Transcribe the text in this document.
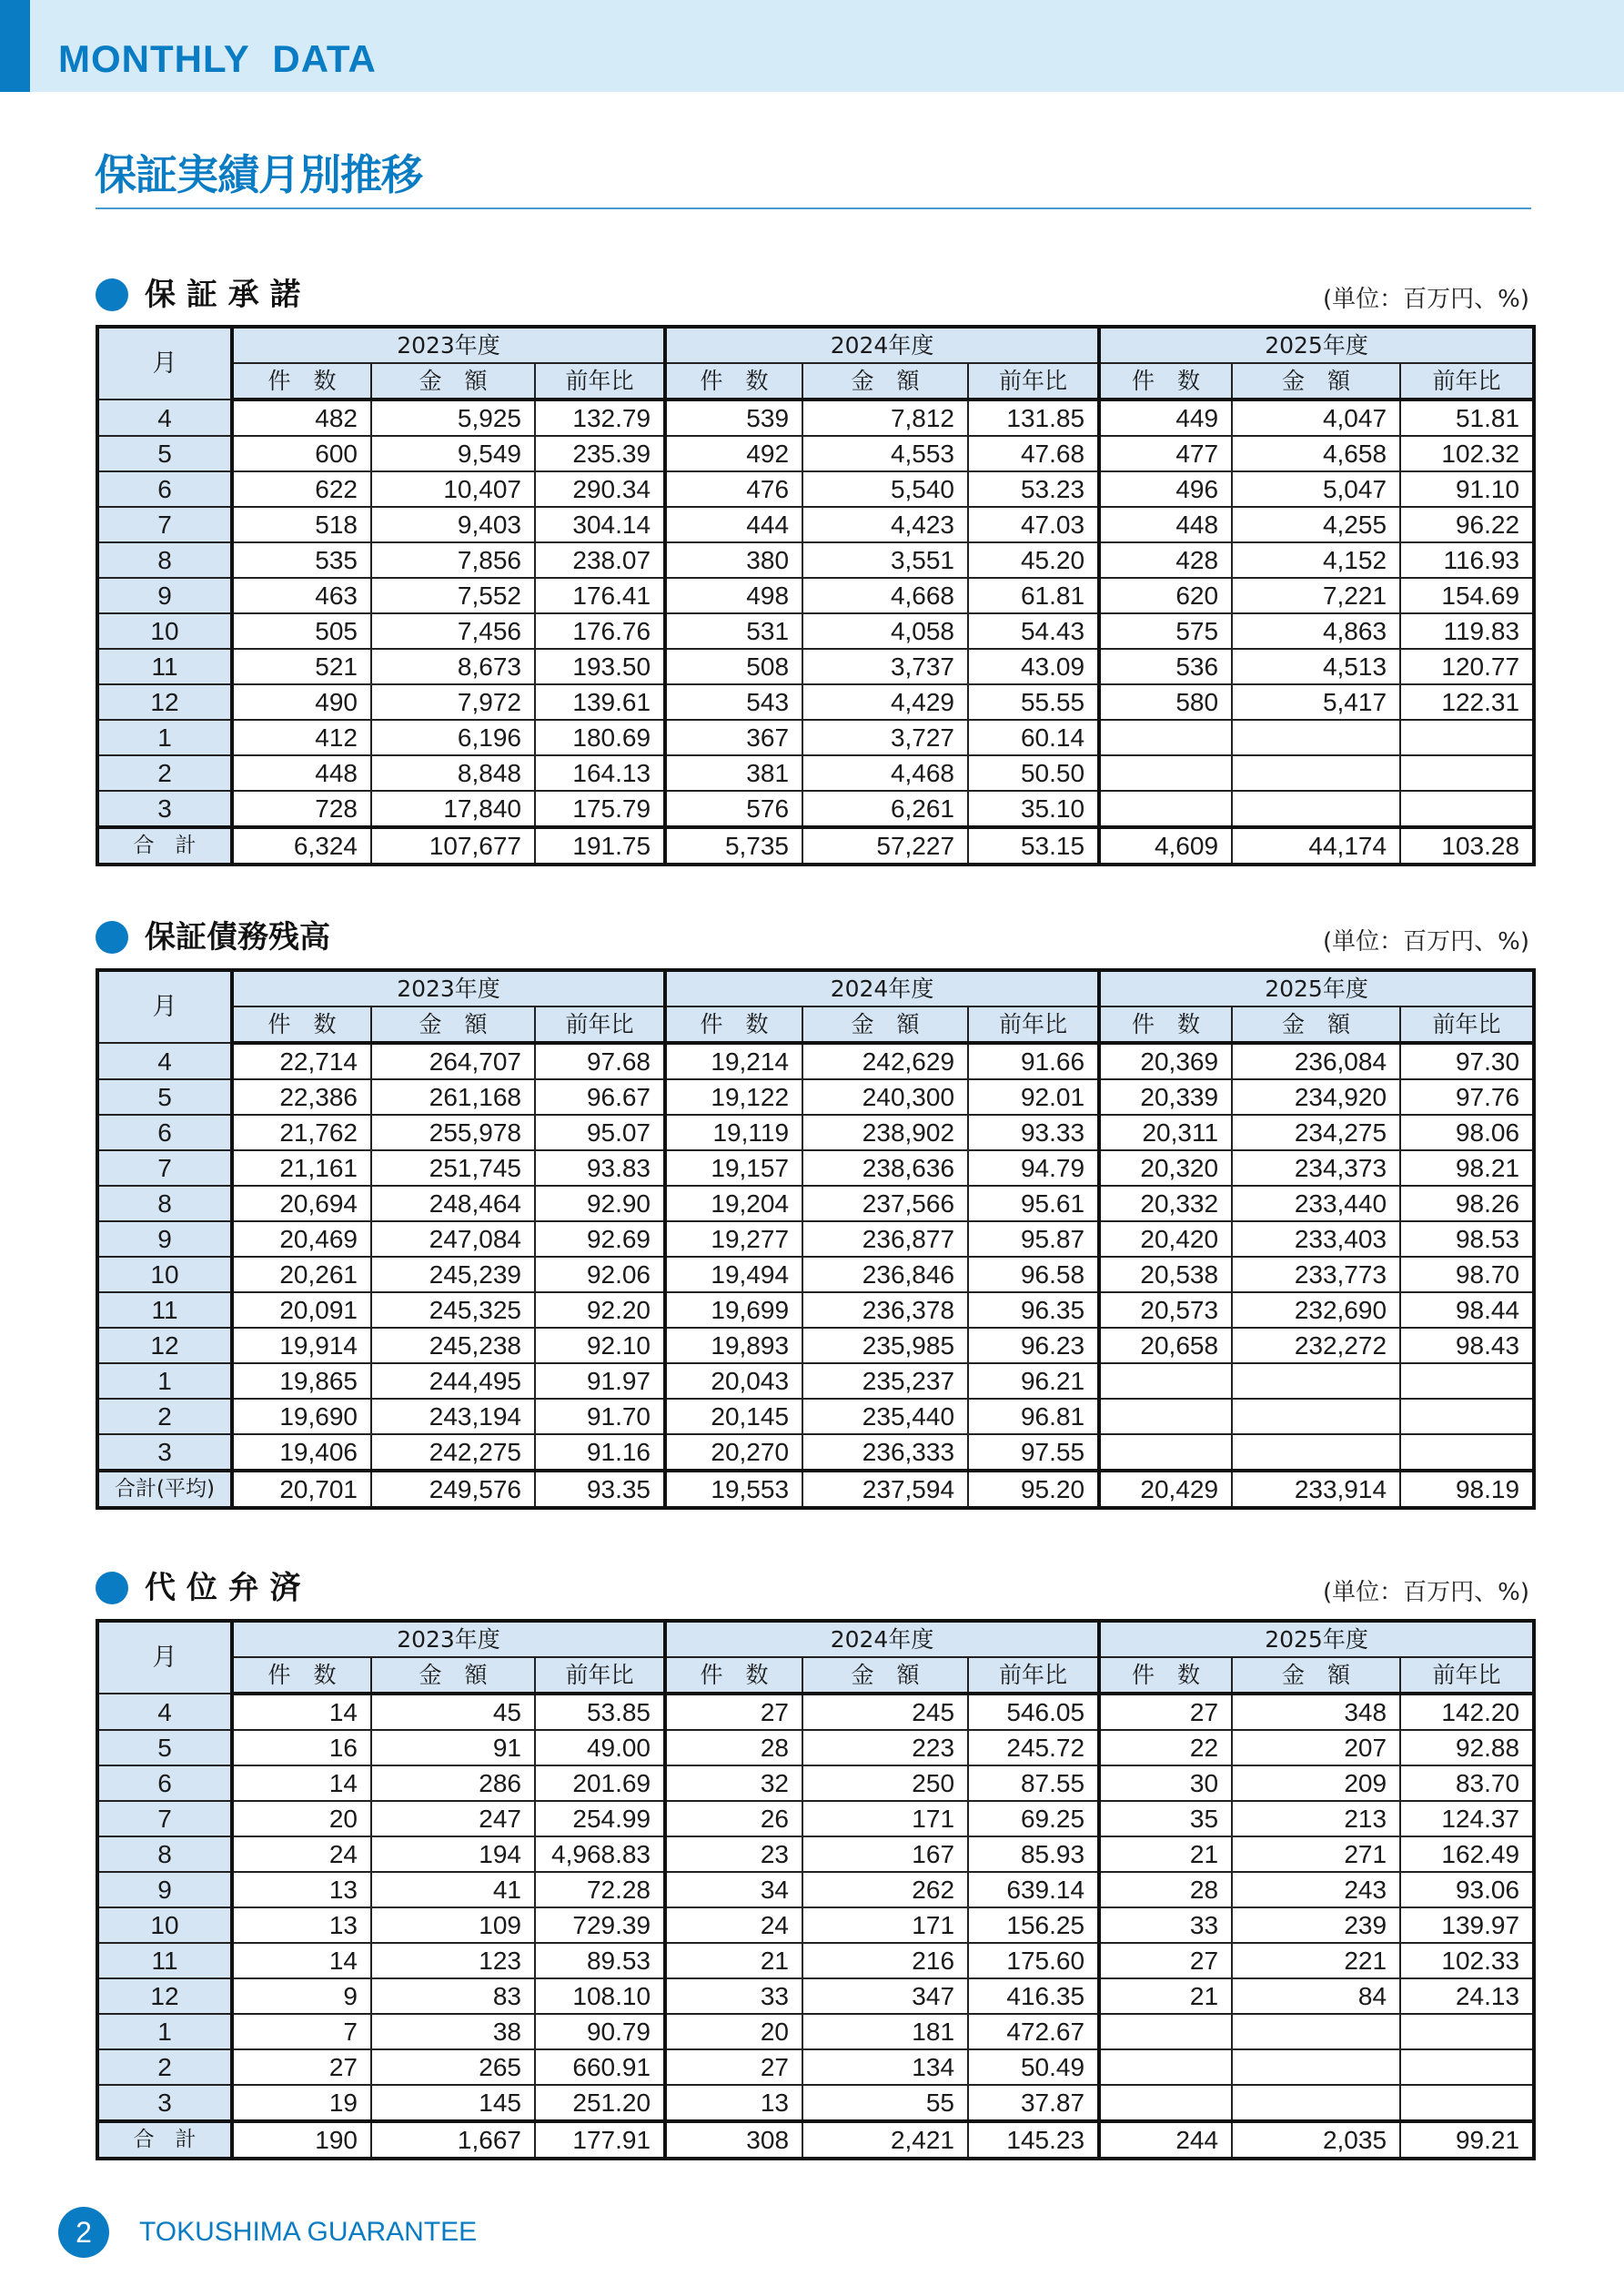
MONTHLY  DATA
保証実績月別推移
保 証 承 諾	(単位：百万円、%)
月	2023年度			2024年度			2025年度		
	件　数	金　額	前年比	件　数	金　額	前年比	件　数	金　額	前年比
4	482	5,925	132.79	539	7,812	131.85	449	4,047	51.81
5	600	9,549	235.39	492	4,553	47.68	477	4,658	102.32
6	622	10,407	290.34	476	5,540	53.23	496	5,047	91.10
7	518	9,403	304.14	444	4,423	47.03	448	4,255	96.22
8	535	7,856	238.07	380	3,551	45.20	428	4,152	116.93
9	463	7,552	176.41	498	4,668	61.81	620	7,221	154.69
10	505	7,456	176.76	531	4,058	54.43	575	4,863	119.83
11	521	8,673	193.50	508	3,737	43.09	536	4,513	120.77
12	490	7,972	139.61	543	4,429	55.55	580	5,417	122.31
1	412	6,196	180.69	367	3,727	60.14			
2	448	8,848	164.13	381	4,468	50.50			
3	728	17,840	175.79	576	6,261	35.10			
合　計	6,324	107,677	191.75	5,735	57,227	53.15	4,609	44,174	103.28
保証債務残高	(単位：百万円、%)
月	2023年度			2024年度			2025年度		
	件　数	金　額	前年比	件　数	金　額	前年比	件　数	金　額	前年比
4	22,714	264,707	97.68	19,214	242,629	91.66	20,369	236,084	97.30
5	22,386	261,168	96.67	19,122	240,300	92.01	20,339	234,920	97.76
6	21,762	255,978	95.07	19,119	238,902	93.33	20,311	234,275	98.06
7	21,161	251,745	93.83	19,157	238,636	94.79	20,320	234,373	98.21
8	20,694	248,464	92.90	19,204	237,566	95.61	20,332	233,440	98.26
9	20,469	247,084	92.69	19,277	236,877	95.87	20,420	233,403	98.53
10	20,261	245,239	92.06	19,494	236,846	96.58	20,538	233,773	98.70
11	20,091	245,325	92.20	19,699	236,378	96.35	20,573	232,690	98.44
12	19,914	245,238	92.10	19,893	235,985	96.23	20,658	232,272	98.43
1	19,865	244,495	91.97	20,043	235,237	96.21			
2	19,690	243,194	91.70	20,145	235,440	96.81			
3	19,406	242,275	91.16	20,270	236,333	97.55			
合計(平均)	20,701	249,576	93.35	19,553	237,594	95.20	20,429	233,914	98.19
代 位 弁 済	(単位：百万円、%)
月	2023年度			2024年度			2025年度		
	件　数	金　額	前年比	件　数	金　額	前年比	件　数	金　額	前年比
4	14	45	53.85	27	245	546.05	27	348	142.20
5	16	91	49.00	28	223	245.72	22	207	92.88
6	14	286	201.69	32	250	87.55	30	209	83.70
7	20	247	254.99	26	171	69.25	35	213	124.37
8	24	194	4,968.83	23	167	85.93	21	271	162.49
9	13	41	72.28	34	262	639.14	28	243	93.06
10	13	109	729.39	24	171	156.25	33	239	139.97
11	14	123	89.53	21	216	175.60	27	221	102.33
12	9	83	108.10	33	347	416.35	21	84	24.13
1	7	38	90.79	20	181	472.67			
2	27	265	660.91	27	134	50.49			
3	19	145	251.20	13	55	37.87			
合　計	190	1,667	177.91	308	2,421	145.23	244	2,035	99.21
2	TOKUSHIMA GUARANTEE
